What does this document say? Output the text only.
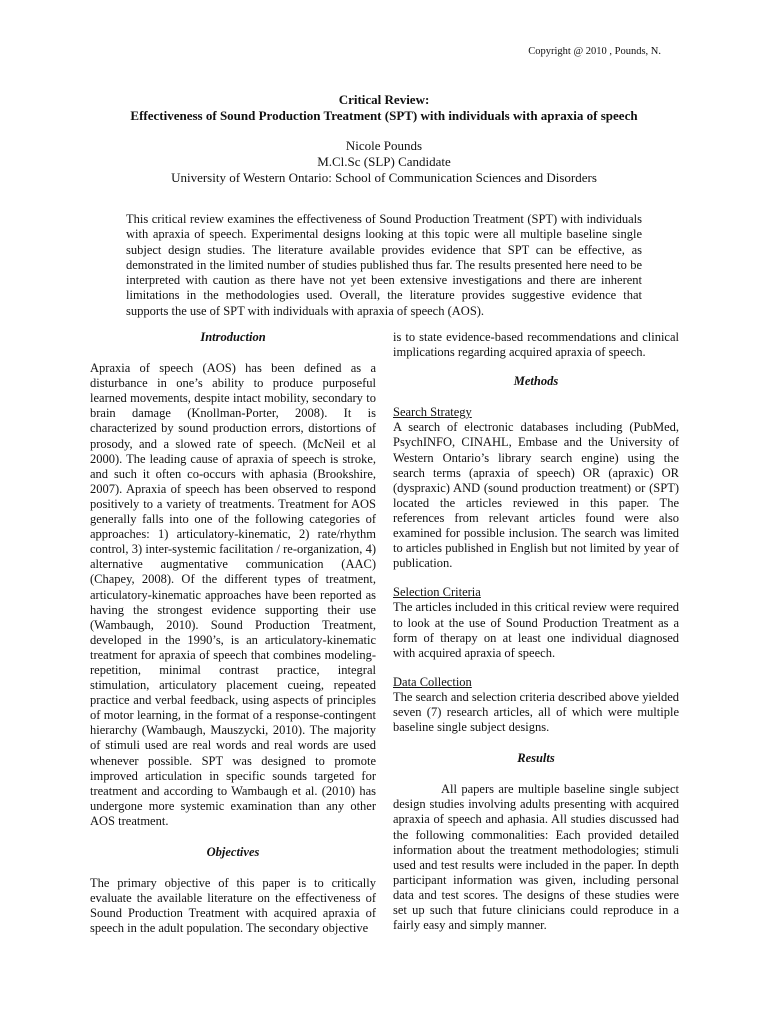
Copyright @ 2010 , Pounds, N.
Critical Review:
Effectiveness of Sound Production Treatment (SPT) with individuals with apraxia of speech
Nicole Pounds
M.Cl.Sc (SLP) Candidate
University of Western Ontario: School of Communication Sciences and Disorders
This critical review examines the effectiveness of Sound Production Treatment (SPT) with individuals with apraxia of speech. Experimental designs looking at this topic were all multiple baseline single subject design studies. The literature available provides evidence that SPT can be effective, as demonstrated in the limited number of studies published thus far. The results presented here need to be interpreted with caution as there have not yet been extensive investigations and there are inherent limitations in the methodologies used. Overall, the literature provides suggestive evidence that supports the use of SPT with individuals with apraxia of speech (AOS).

Introduction

Apraxia of speech (AOS) has been defined as a disturbance in one’s ability to produce purposeful learned movements, despite intact mobility, secondary to brain damage (Knollman-Porter, 2008). It is characterized by sound production errors, distortions of prosody, and a slowed rate of speech. (McNeil et al 2000). The leading cause of apraxia of speech is stroke, and such it often co-occurs with aphasia (Brookshire, 2007). Apraxia of speech has been observed to respond positively to a variety of treatments. Treatment for AOS generally falls into one of the following categories of approaches: 1) articulatory-kinematic, 2) rate/rhythm control, 3) inter-systemic facilitation / re-organization, 4) alternative augmentative communication (AAC) (Chapey, 2008). Of the different types of treatment, articulatory-kinematic approaches have been reported as having the strongest evidence supporting their use (Wambaugh, 2010). Sound Production Treatment, developed in the 1990’s, is an articulatory-kinematic treatment for apraxia of speech that combines modeling-repetition, minimal contrast practice, integral stimulation, articulatory placement cueing, repeated practice and verbal feedback, using aspects of principles of motor learning, in the format of a response-contingent hierarchy (Wambaugh, Mauszycki, 2010). The majority of stimuli used are real words and real words are used whenever possible. SPT was designed to promote improved articulation in specific sounds targeted for treatment and according to Wambaugh et al. (2010) has undergone more systemic examination than any other AOS treatment.

Objectives

The primary objective of this paper is to critically evaluate the available literature on the effectiveness of Sound Production Treatment with acquired apraxia of speech in the adult population. The secondary objective

is to state evidence-based recommendations and clinical implications regarding acquired apraxia of speech.

Methods

Search Strategy

A search of electronic databases including (PubMed, PsychINFO, CINAHL, Embase and the University of Western Ontario’s library search engine) using the search terms (apraxia of speech) OR (apraxic) OR (dyspraxic) AND (sound production treatment) or (SPT) located the articles reviewed in this paper. The references from relevant articles found were also examined for possible inclusion. The search was limited to articles published in English but not limited by year of publication.

Selection Criteria

The articles included in this critical review were required to look at the use of Sound Production Treatment as a form of therapy on at least one individual diagnosed with acquired apraxia of speech.

Data Collection

The search and selection criteria described above yielded seven (7) research articles, all of which were multiple baseline single subject designs.

Results

All papers are multiple baseline single subject design studies involving adults presenting with acquired apraxia of speech and aphasia. All studies discussed had the following commonalities: Each provided detailed information about the treatment methodologies; stimuli used and test results were included in the paper. In depth participant information was given, including personal data and test scores. The designs of these studies were set up such that future clinicians could reproduce in a fairly easy and simply manner.
